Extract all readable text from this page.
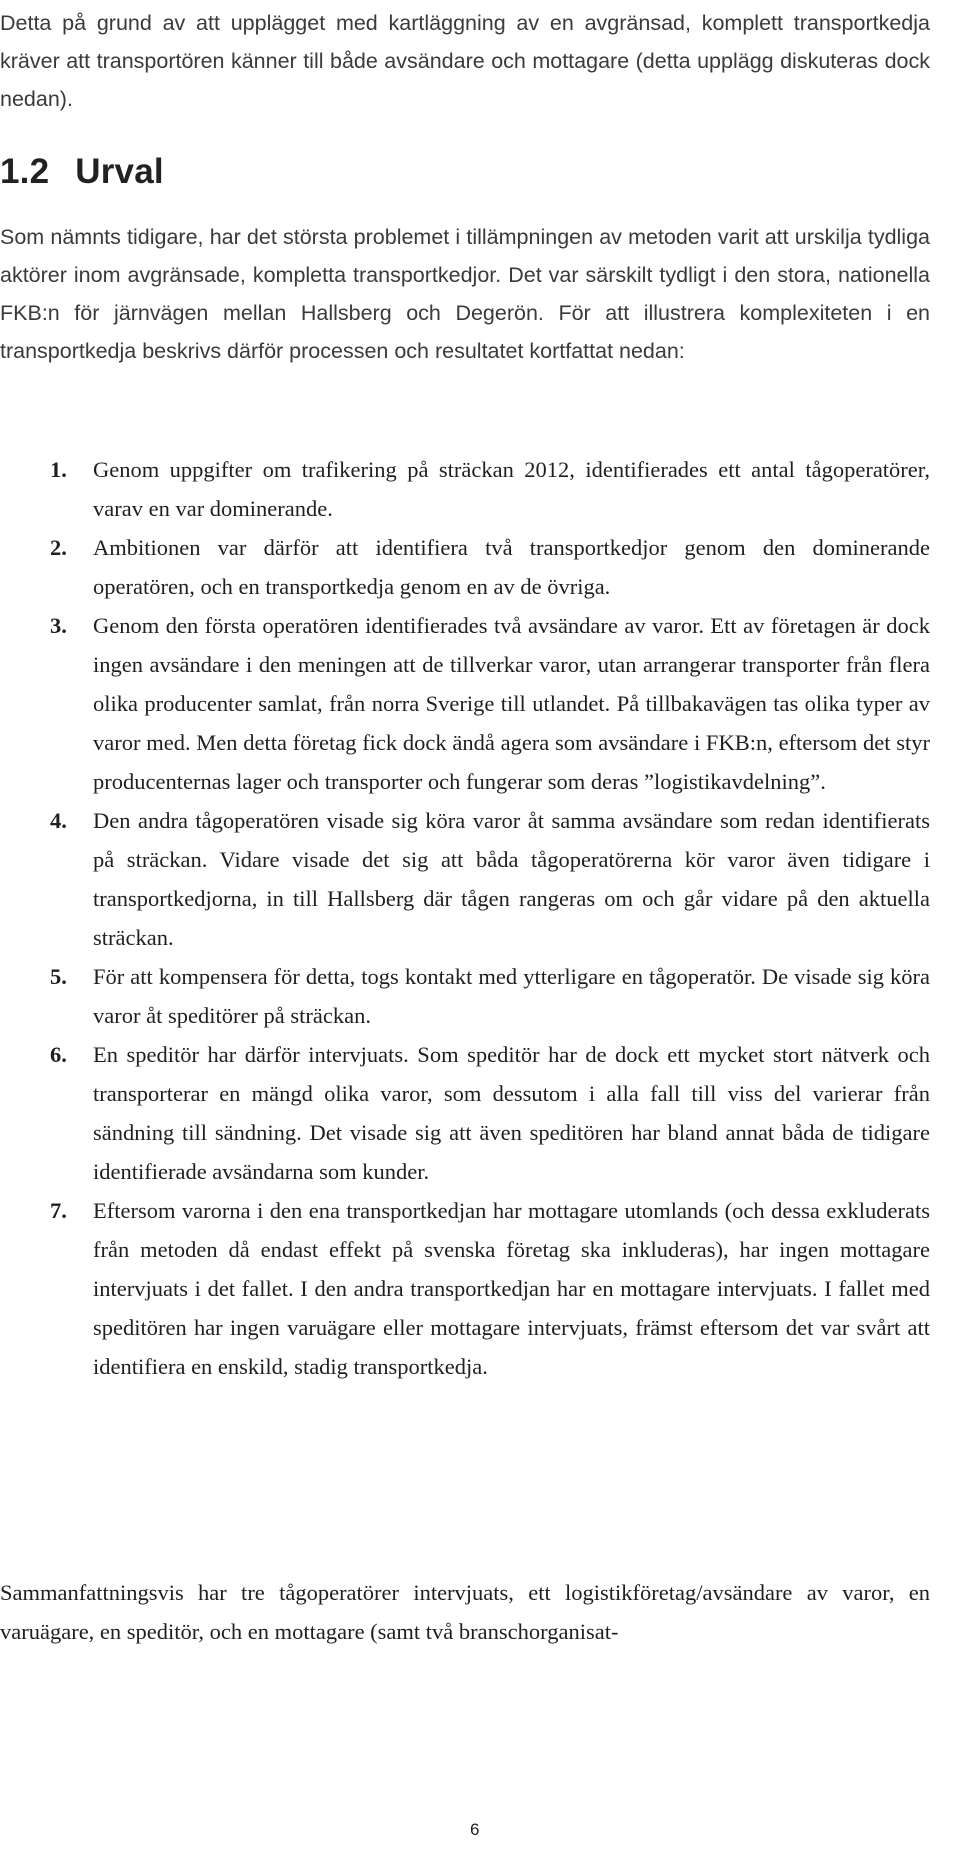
Detta på grund av att upplägget med kartläggning av en avgränsad, komplett transportkedja kräver att transportören känner till både avsändare och mottagare (detta upplägg diskuteras dock nedan).

1.2 Urval

Som nämnts tidigare, har det största problemet i tillämpningen av metoden varit att urskilja tydliga aktörer inom avgränsade, kompletta transportkedjor. Det var särskilt tydligt i den stora, nationella FKB:n för järnvägen mellan Hallsberg och Degerön. För att illustrera komplexiteten i en transportkedja beskrivs därför processen och resultatet kortfattat nedan:

1. Genom uppgifter om trafikering på sträckan 2012, identifierades ett antal tågoperatörer, varav en var dominerande.
2. Ambitionen var därför att identifiera två transportkedjor genom den dominerande operatören, och en transportkedja genom en av de övriga.
3. Genom den första operatören identifierades två avsändare av varor. Ett av företagen är dock ingen avsändare i den meningen att de tillverkar varor, utan arrangerar transporter från flera olika producenter samlat, från norra Sverige till utlandet. På tillbakavägen tas olika typer av varor med. Men detta företag fick dock ändå agera som avsändare i FKB:n, eftersom det styr producenternas lager och transporter och fungerar som deras ”logistikavdelning”.
4. Den andra tågoperatören visade sig köra varor åt samma avsändare som redan identifierats på sträckan. Vidare visade det sig att båda tågoperatörerna kör varor även tidigare i transportkedjorna, in till Hallsberg där tågen rangeras om och går vidare på den aktuella sträckan.
5. För att kompensera för detta, togs kontakt med ytterligare en tågoperatör. De visade sig köra varor åt speditörer på sträckan.
6. En speditör har därför intervjuats. Som speditör har de dock ett mycket stort nätverk och transporterar en mängd olika varor, som dessutom i alla fall till viss del varierar från sändning till sändning. Det visade sig att även speditören har bland annat båda de tidigare identifierade avsändarna som kunder.
7. Eftersom varorna i den ena transportkedjan har mottagare utomlands (och dessa exkluderats från metoden då endast effekt på svenska företag ska inkluderas), har ingen mottagare intervjuats i det fallet. I den andra transportkedjan har en mottagare intervjuats. I fallet med speditören har ingen varuägare eller mottagare intervjuats, främst eftersom det var svårt att identifiera en enskild, stadig transportkedja.

Sammanfattningsvis har tre tågoperatörer intervjuats, ett logistikföretag/avsändare av varor, en varuägare, en speditör, och en mottagare (samt två branschorganisat-

6
